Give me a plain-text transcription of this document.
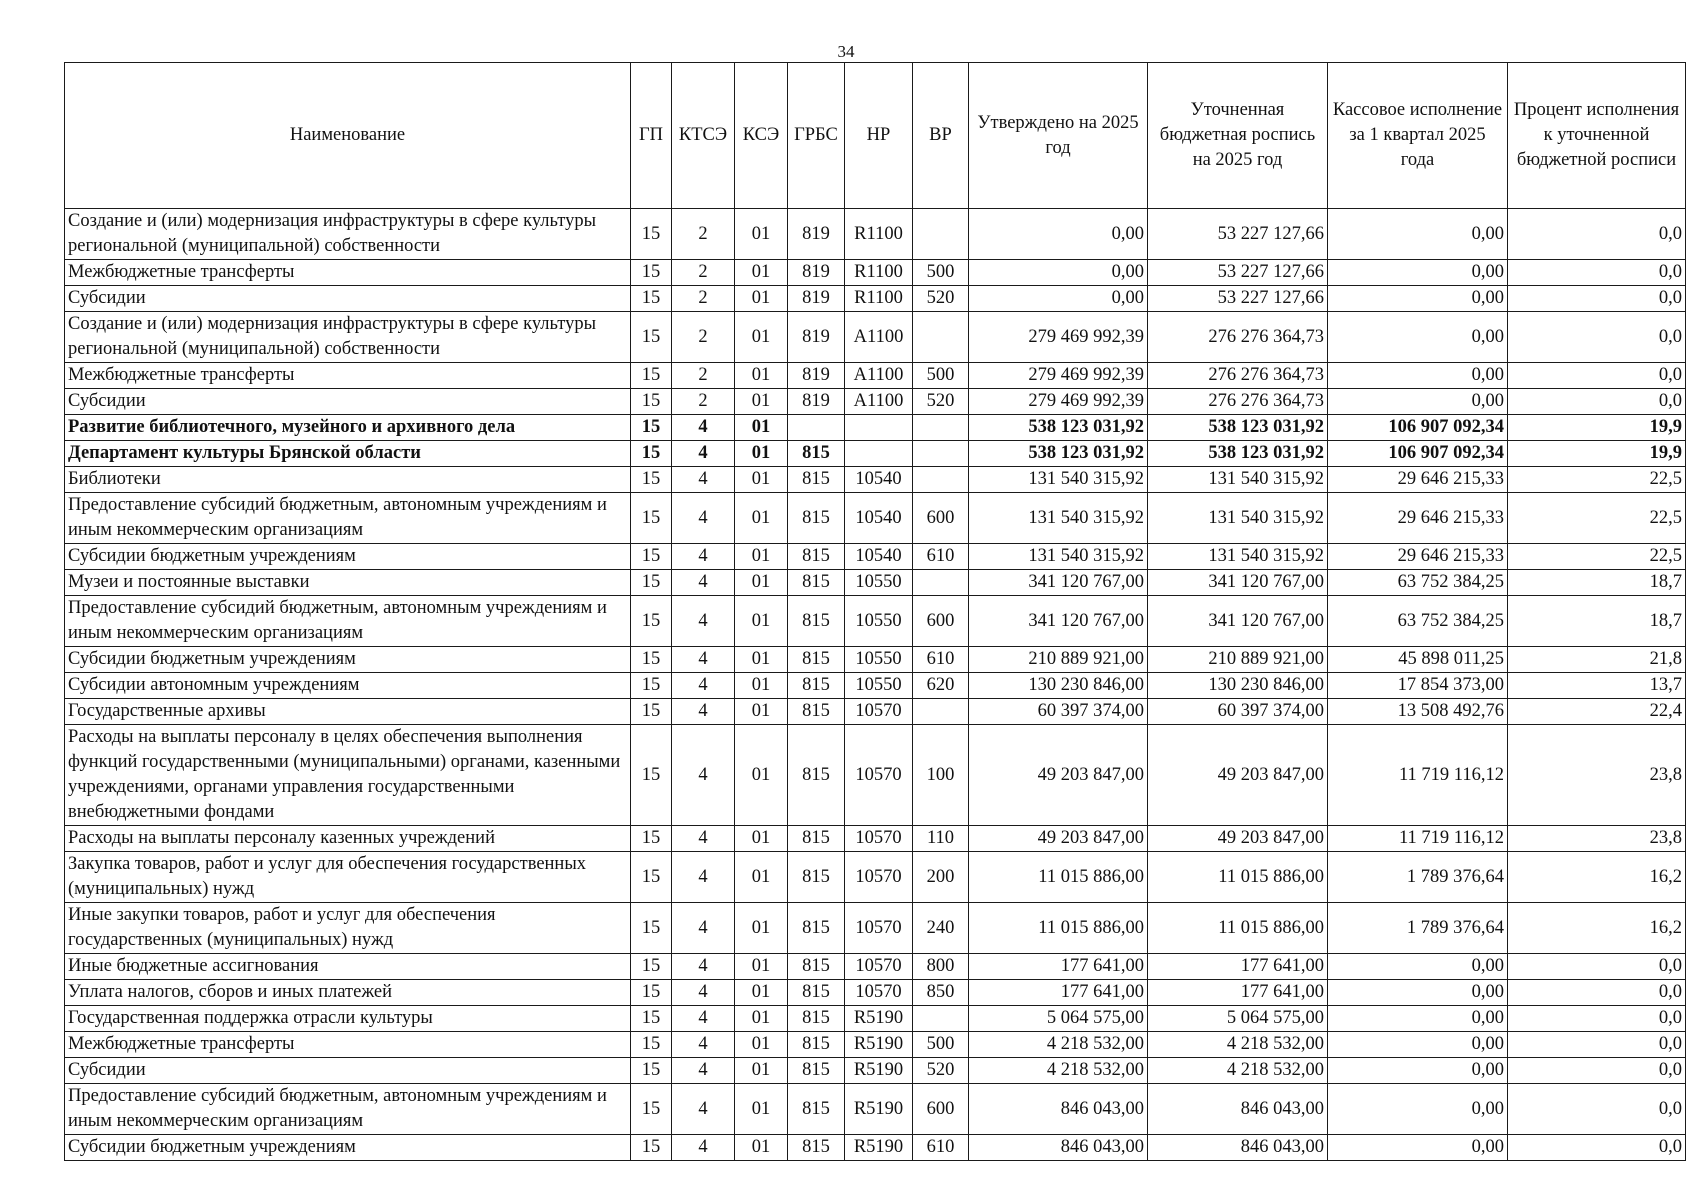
34
Наименование	ГП	КТСЭ	КСЭ	ГРБС	НР	ВР	Утверждено на 2025 год	Уточненная бюджетная роспись на 2025 год	Кассовое исполнение за 1 квартал 2025 года	Процент исполнения к уточненной бюджетной росписи
Создание и (или) модернизация инфраструктуры в сфере культуры региональной (муниципальной) собственности	15	2	01	819	R1100		0,00	53 227 127,66	0,00	0,0
Межбюджетные трансферты	15	2	01	819	R1100	500	0,00	53 227 127,66	0,00	0,0
Субсидии	15	2	01	819	R1100	520	0,00	53 227 127,66	0,00	0,0
Создание и (или) модернизация инфраструктуры в сфере культуры региональной (муниципальной) собственности	15	2	01	819	A1100		279 469 992,39	276 276 364,73	0,00	0,0
Межбюджетные трансферты	15	2	01	819	A1100	500	279 469 992,39	276 276 364,73	0,00	0,0
Субсидии	15	2	01	819	A1100	520	279 469 992,39	276 276 364,73	0,00	0,0
Развитие библиотечного, музейного и архивного дела	15	4	01				538 123 031,92	538 123 031,92	106 907 092,34	19,9
Департамент культуры Брянской области	15	4	01	815			538 123 031,92	538 123 031,92	106 907 092,34	19,9
Библиотеки	15	4	01	815	10540		131 540 315,92	131 540 315,92	29 646 215,33	22,5
Предоставление субсидий бюджетным, автономным учреждениям и иным некоммерческим организациям	15	4	01	815	10540	600	131 540 315,92	131 540 315,92	29 646 215,33	22,5
Субсидии бюджетным учреждениям	15	4	01	815	10540	610	131 540 315,92	131 540 315,92	29 646 215,33	22,5
Музеи и постоянные выставки	15	4	01	815	10550		341 120 767,00	341 120 767,00	63 752 384,25	18,7
Предоставление субсидий бюджетным, автономным учреждениям и иным некоммерческим организациям	15	4	01	815	10550	600	341 120 767,00	341 120 767,00	63 752 384,25	18,7
Субсидии бюджетным учреждениям	15	4	01	815	10550	610	210 889 921,00	210 889 921,00	45 898 011,25	21,8
Субсидии автономным учреждениям	15	4	01	815	10550	620	130 230 846,00	130 230 846,00	17 854 373,00	13,7
Государственные архивы	15	4	01	815	10570		60 397 374,00	60 397 374,00	13 508 492,76	22,4
Расходы на выплаты персоналу в целях обеспечения выполнения функций государственными (муниципальными) органами, казенными учреждениями, органами управления государственными внебюджетными фондами	15	4	01	815	10570	100	49 203 847,00	49 203 847,00	11 719 116,12	23,8
Расходы на выплаты персоналу казенных учреждений	15	4	01	815	10570	110	49 203 847,00	49 203 847,00	11 719 116,12	23,8
Закупка товаров, работ и услуг для обеспечения государственных (муниципальных) нужд	15	4	01	815	10570	200	11 015 886,00	11 015 886,00	1 789 376,64	16,2
Иные закупки товаров, работ и услуг для обеспечения государственных (муниципальных) нужд	15	4	01	815	10570	240	11 015 886,00	11 015 886,00	1 789 376,64	16,2
Иные бюджетные ассигнования	15	4	01	815	10570	800	177 641,00	177 641,00	0,00	0,0
Уплата налогов, сборов и иных платежей	15	4	01	815	10570	850	177 641,00	177 641,00	0,00	0,0
Государственная поддержка отрасли культуры	15	4	01	815	R5190		5 064 575,00	5 064 575,00	0,00	0,0
Межбюджетные трансферты	15	4	01	815	R5190	500	4 218 532,00	4 218 532,00	0,00	0,0
Субсидии	15	4	01	815	R5190	520	4 218 532,00	4 218 532,00	0,00	0,0
Предоставление субсидий бюджетным, автономным учреждениям и иным некоммерческим организациям	15	4	01	815	R5190	600	846 043,00	846 043,00	0,00	0,0
Субсидии бюджетным учреждениям	15	4	01	815	R5190	610	846 043,00	846 043,00	0,00	0,0
